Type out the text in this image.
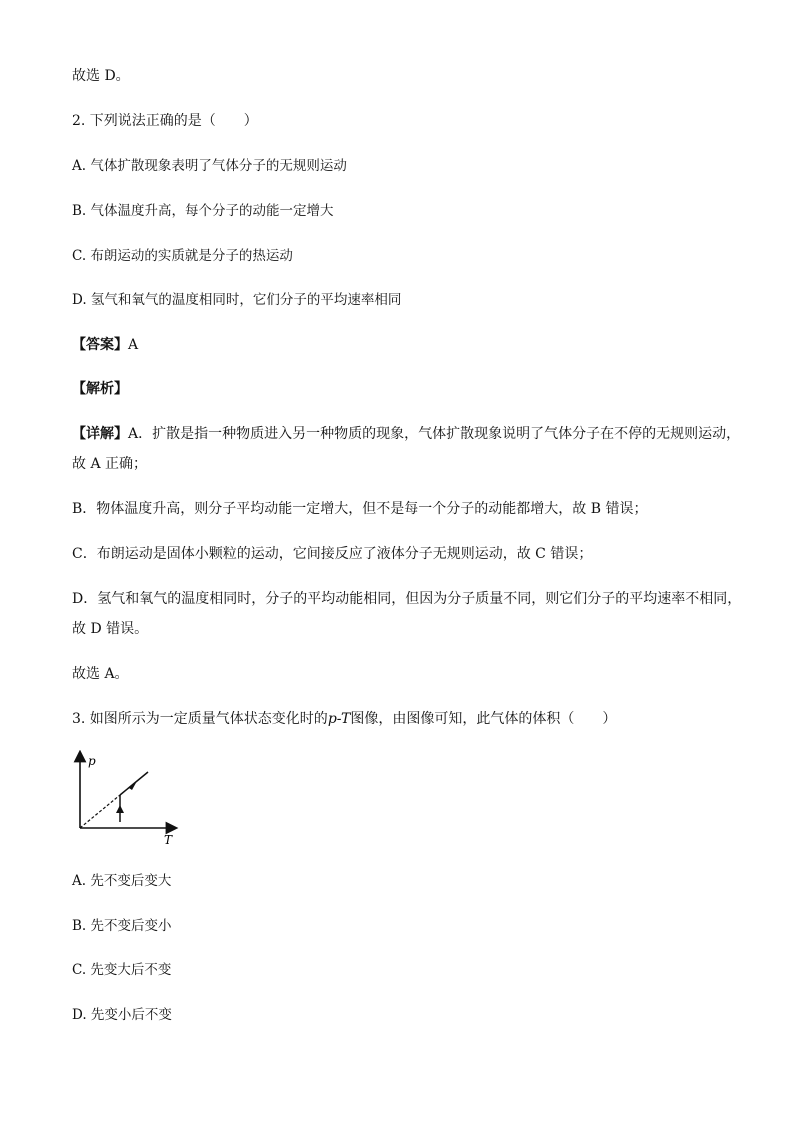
故选 D。
2. 下列说法正确的是（　　）
A. 气体扩散现象表明了气体分子的无规则运动
B. 气体温度升高，每个分子的动能一定增大
C. 布朗运动的实质就是分子的热运动
D. 氢气和氧气的温度相同时，它们分子的平均速率相同
【答案】A
【解析】
【详解】A．扩散是指一种物质进入另一种物质的现象，气体扩散现象说明了气体分子在不停的无规则运动，
故 A 正确；
B．物体温度升高，则分子平均动能一定增大，但不是每一个分子的动能都增大，故 B 错误；
C．布朗运动是固体小颗粒的运动，它间接反应了液体分子无规则运动，故 C 错误；
D．氢气和氧气的温度相同时，分子的平均动能相同，但因为分子质量不同，则它们分子的平均速率不相同，
故 D 错误。
故选 A。
3. 如图所示为一定质量气体状态变化时的p-T图像，由图像可知，此气体的体积（　　）
p
T
A. 先不变后变大
B. 先不变后变小
C. 先变大后不变
D. 先变小后不变
